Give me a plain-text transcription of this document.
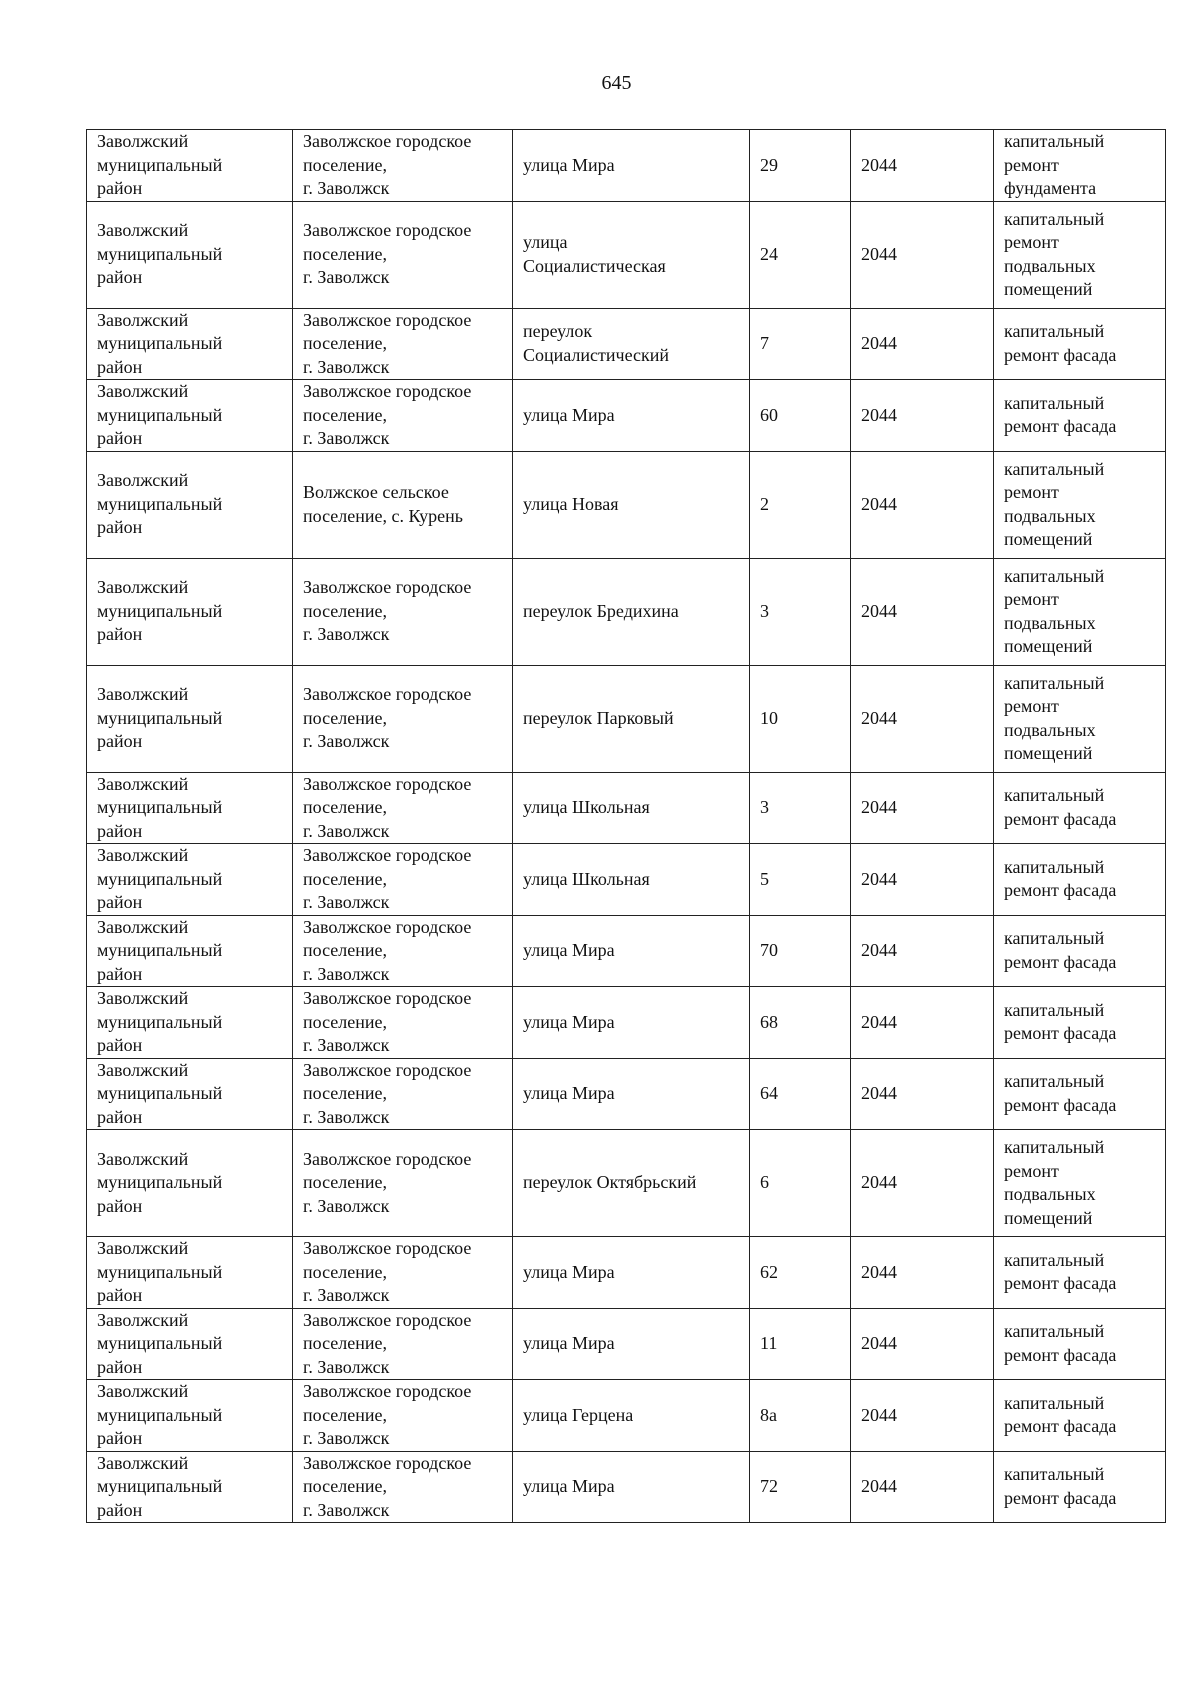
645
Заволжский
муниципальный
район	Заволжское городское
поселение,
г. Заволжск	улица Мира	29	2044	капитальный
ремонт
фундамента
Заволжский
муниципальный
район	Заволжское городское
поселение,
г. Заволжск	улица
Социалистическая	24	2044	капитальный
ремонт
подвальных
помещений
Заволжский
муниципальный
район	Заволжское городское
поселение,
г. Заволжск	переулок
Социалистический	7	2044	капитальный
ремонт фасада
Заволжский
муниципальный
район	Заволжское городское
поселение,
г. Заволжск	улица Мира	60	2044	капитальный
ремонт фасада
Заволжский
муниципальный
район	Волжское сельское
поселение, с. Курень	улица Новая	2	2044	капитальный
ремонт
подвальных
помещений
Заволжский
муниципальный
район	Заволжское городское
поселение,
г. Заволжск	переулок Бредихина	3	2044	капитальный
ремонт
подвальных
помещений
Заволжский
муниципальный
район	Заволжское городское
поселение,
г. Заволжск	переулок Парковый	10	2044	капитальный
ремонт
подвальных
помещений
Заволжский
муниципальный
район	Заволжское городское
поселение,
г. Заволжск	улица Школьная	3	2044	капитальный
ремонт фасада
Заволжский
муниципальный
район	Заволжское городское
поселение,
г. Заволжск	улица Школьная	5	2044	капитальный
ремонт фасада
Заволжский
муниципальный
район	Заволжское городское
поселение,
г. Заволжск	улица Мира	70	2044	капитальный
ремонт фасада
Заволжский
муниципальный
район	Заволжское городское
поселение,
г. Заволжск	улица Мира	68	2044	капитальный
ремонт фасада
Заволжский
муниципальный
район	Заволжское городское
поселение,
г. Заволжск	улица Мира	64	2044	капитальный
ремонт фасада
Заволжский
муниципальный
район	Заволжское городское
поселение,
г. Заволжск	переулок Октябрьский	6	2044	капитальный
ремонт
подвальных
помещений
Заволжский
муниципальный
район	Заволжское городское
поселение,
г. Заволжск	улица Мира	62	2044	капитальный
ремонт фасада
Заволжский
муниципальный
район	Заволжское городское
поселение,
г. Заволжск	улица Мира	11	2044	капитальный
ремонт фасада
Заволжский
муниципальный
район	Заволжское городское
поселение,
г. Заволжск	улица Герцена	8а	2044	капитальный
ремонт фасада
Заволжский
муниципальный
район	Заволжское городское
поселение,
г. Заволжск	улица Мира	72	2044	капитальный
ремонт фасада
